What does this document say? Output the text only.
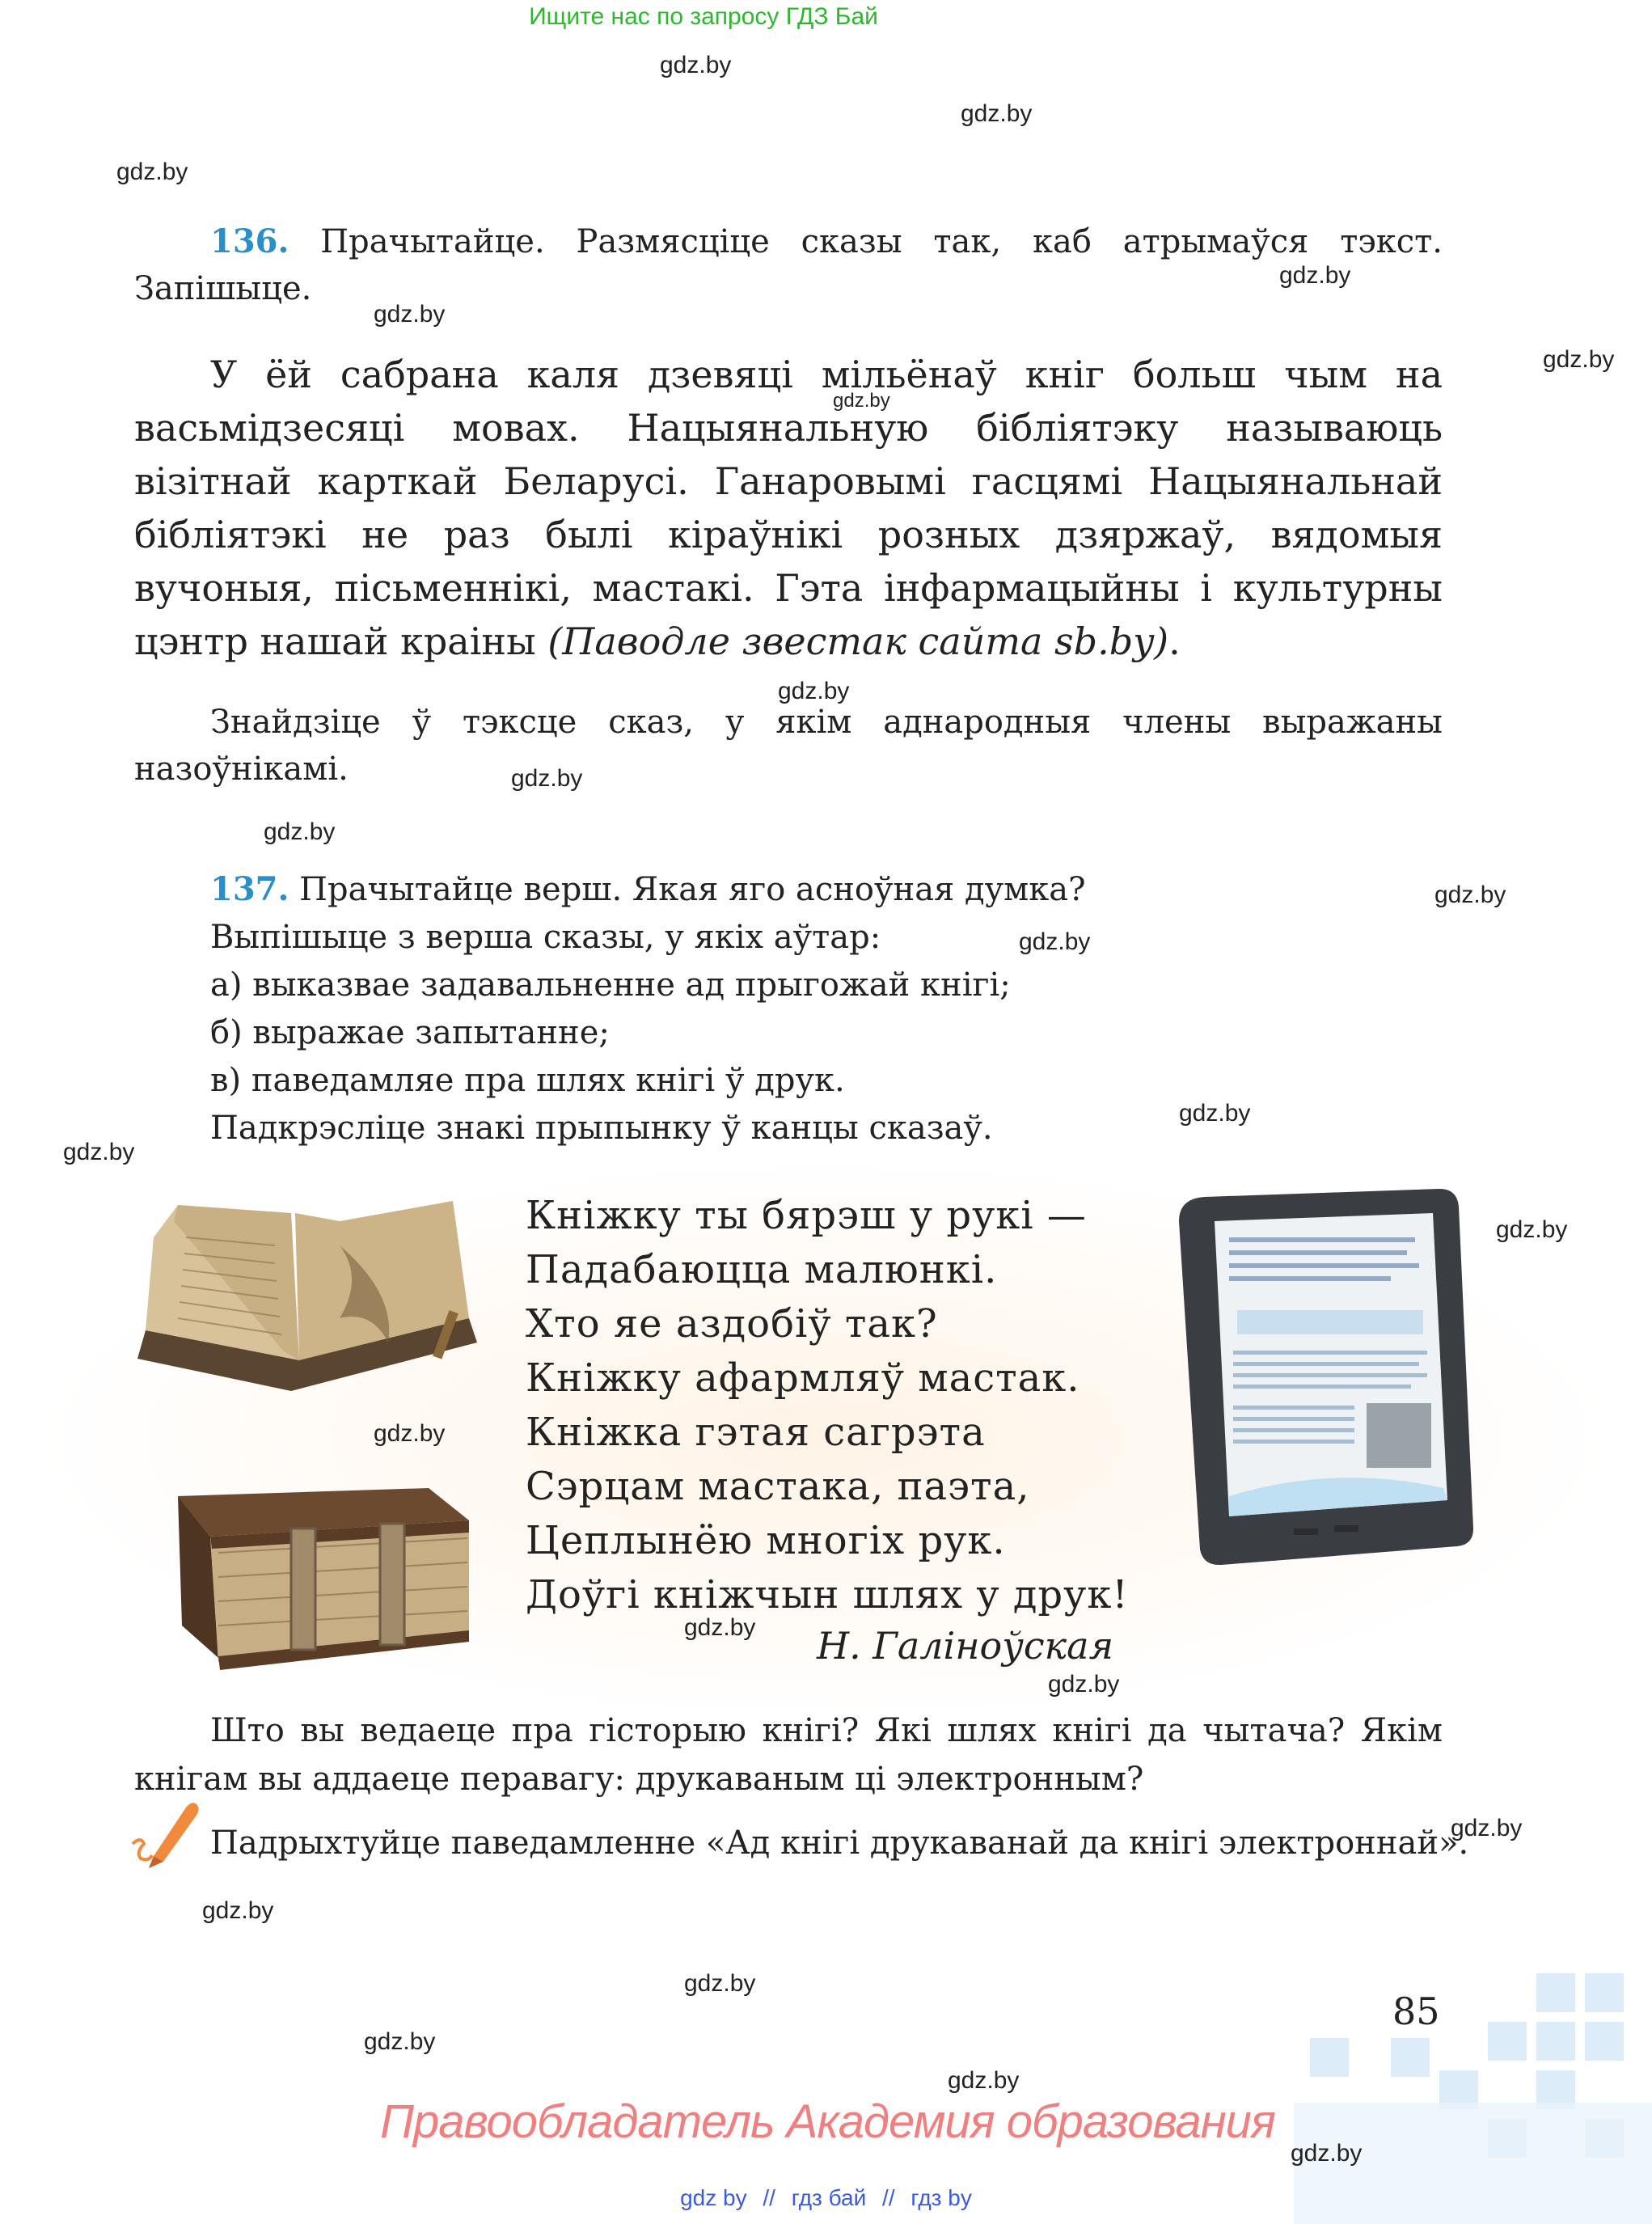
Ищите нас по запросу ГДЗ Бай
gdz.by
gdz.by
gdz.by
gdz.by
gdz.by
gdz.by
gdz.by
gdz.by
gdz.by
gdz.by
gdz.by
gdz.by
gdz.by
gdz.by
gdz.by
gdz.by
gdz.by
gdz.by
gdz.by
gdz.by
gdz.by
gdz.by
gdz.by
gdz.by
136. Прачытайце. Размясціце сказы так, каб атрымаўся тэкст. Запішыце.
У ёй сабрана каля дзевяці мільёнаў кніг больш чым на васьмідзесяці мовах. Нацыянальную бібліятэку называюць візітнай карткай Беларусі. Ганаровымі гасцямі Нацыянальнай бібліятэкі не раз былі кіраўнікі розных дзяржаў, вядомыя вучоныя, пісьменнікі, мастакі. Гэта інфармацыйны і культурны цэнтр нашай краіны (Паводле звестак сайта sb.by).
Знайдзіце ў тэксце сказ, у якім аднародныя члены выражаны назоўнікамі.
137. Прачытайце верш. Якая яго асноўная думка?
Выпішыце з верша сказы, у якіх аўтар:
а) выказвае задавальненне ад прыгожай кнігі;
б) выражае запытанне;
в) паведамляе пра шлях кнігі ў друк.
Падкрэсліце знакі прыпынку ў канцы сказаў.
Кніжку ты бярэш у рукі —
Падабаюцца малюнкі.
Хто яе аздобіў так?
Кніжку афармляў мастак.
Кніжка гэтая сагрэта
Сэрцам мастака, паэта,
Цеплынёю многіх рук.
Доўгі кніжчын шлях у друк!
Н. Галіноўская
Што вы ведаеце пра гісторыю кнігі? Які шлях кнігі да чытача? Якім кнігам вы аддаеце перавагу: друкаваным ці электронным?
Падрыхтуйце паведамленне «Ад кнігі друкаванай да кнігі электроннай».
85
Правообладатель Академия образования
gdz by // гдз бай // гдз by
